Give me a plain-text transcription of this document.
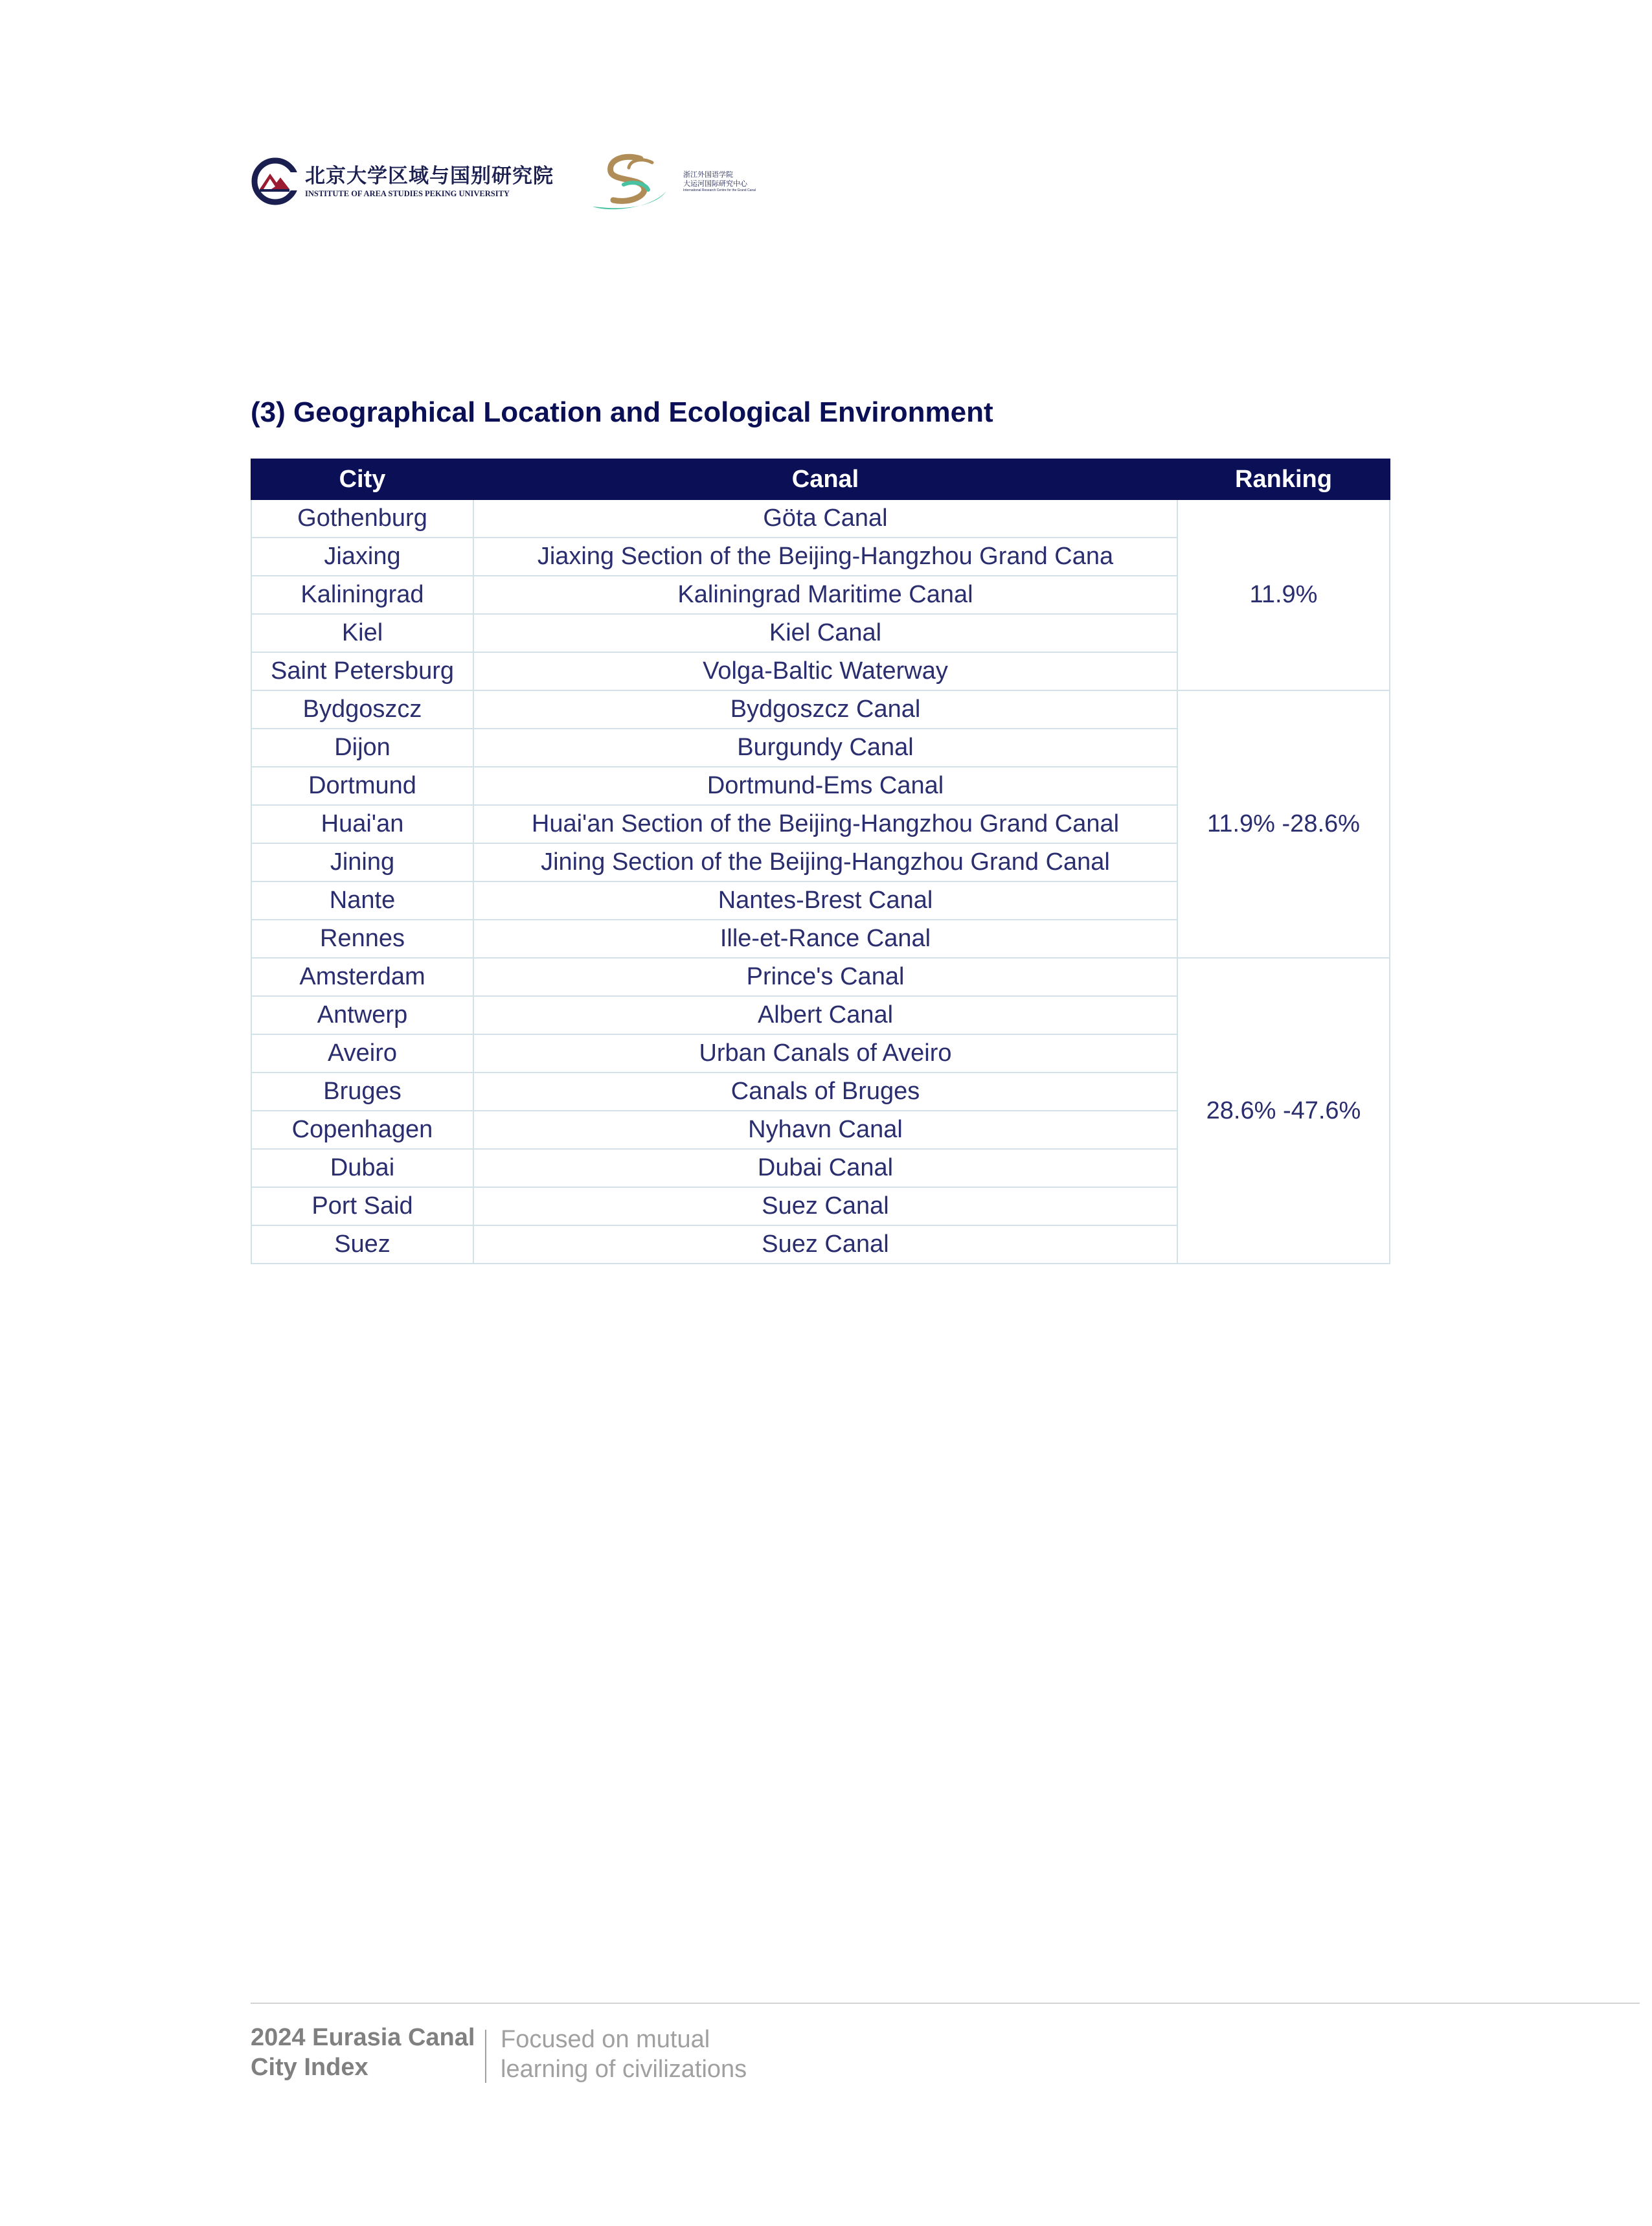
北京大学区域与国别研究院
INSTITUTE OF AREA STUDIES PEKING UNIVERSITY
浙江外国语学院
大运河国际研究中心
International Research Centre for the Grand Canal
(3) Geographical Location and Ecological Environment
City	Canal	Ranking
Gothenburg	Göta Canal	11.9%
Jiaxing	Jiaxing Section of the Beijing-Hangzhou Grand Cana	
Kaliningrad	Kaliningrad Maritime Canal	
Kiel	Kiel Canal	
Saint Petersburg	Volga-Baltic Waterway	
Bydgoszcz	Bydgoszcz Canal	11.9% -28.6%
Dijon	Burgundy Canal	
Dortmund	Dortmund-Ems Canal	
Huai'an	Huai'an Section of the Beijing-Hangzhou Grand Canal	
Jining	Jining Section of the Beijing-Hangzhou Grand Canal	
Nante	Nantes-Brest Canal	
Rennes	Ille-et-Rance Canal	
Amsterdam	Prince's Canal	28.6% -47.6%
Antwerp	Albert Canal	
Aveiro	Urban Canals of Aveiro	
Bruges	Canals of Bruges	
Copenhagen	Nyhavn Canal	
Dubai	Dubai Canal	
Port Said	Suez Canal	
Suez	Suez Canal	
2024 Eurasia Canal
City Index
Focused on mutual
learning of civilizations
